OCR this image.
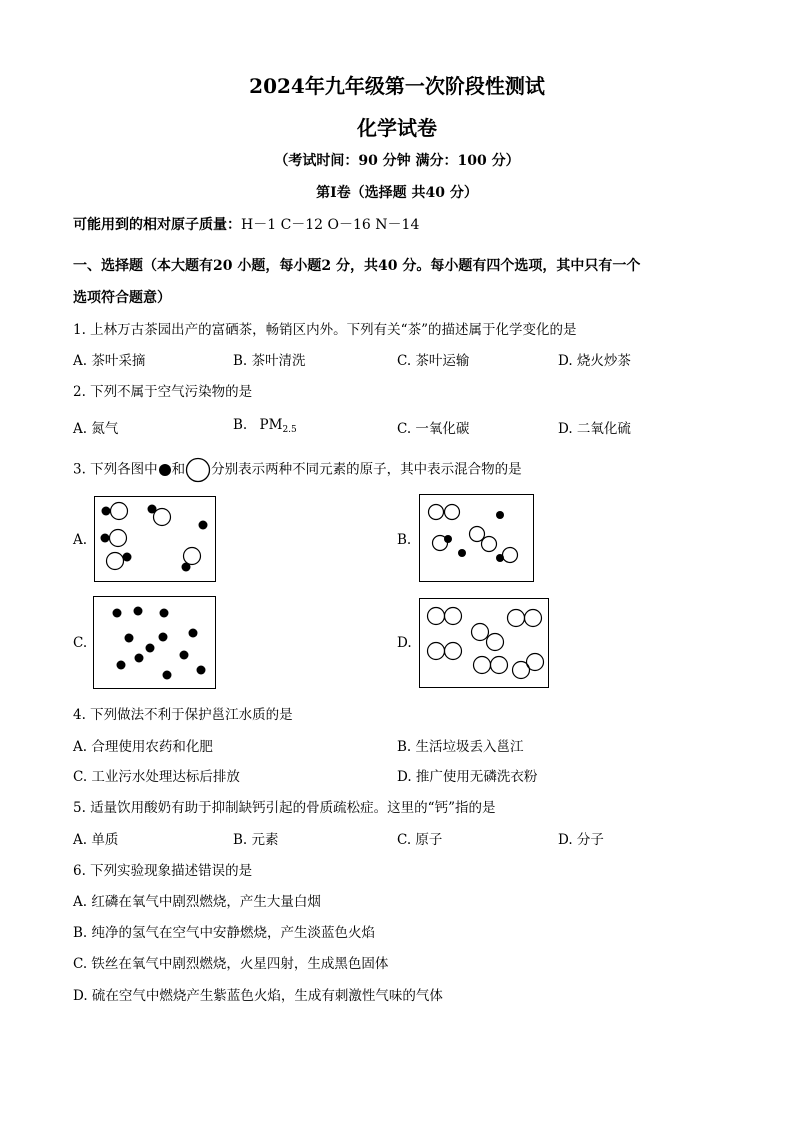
2024年九年级第一次阶段性测试
化学试卷
（考试时间：90 分钟 满分：100 分）
第Ⅰ卷（选择题 共40 分）
可能用到的相对原子质量：H－1 C－12 O－16 N－14
一、选择题（本大题有20 小题，每小题2 分，共40 分。每小题有四个选项，其中只有一个
选项符合题意）
1. 上林万古茶园出产的富硒茶，畅销区内外。下列有关“茶”的描述属于化学变化的是
A. 茶叶采摘	B. 茶叶清洗	C. 茶叶运输	D. 烧火炒茶
2. 下列不属于空气污染物的是
A. 氮气	B. $PM_{2.5}$	C. 一氧化碳	D. 二氧化硫
3. 下列各图中 和 分别表示两种不同元素的原子，其中表示混合物的是
A.	B.
C.	D.
4. 下列做法不利于保护邕江水质的是
A. 合理使用农药和化肥	B. 生活垃圾丢入邕江
C. 工业污水处理达标后排放	D. 推广使用无磷洗衣粉
5. 适量饮用酸奶有助于抑制缺钙引起的骨质疏松症。这里的“钙”指的是
A. 单质	B. 元素	C. 原子	D. 分子
6. 下列实验现象描述错误的是
A. 红磷在氧气中剧烈燃烧，产生大量白烟
B. 纯净的氢气在空气中安静燃烧，产生淡蓝色火焰
C. 铁丝在氧气中剧烈燃烧，火星四射，生成黑色固体
D. 硫在空气中燃烧产生紫蓝色火焰，生成有刺激性气味的气体
